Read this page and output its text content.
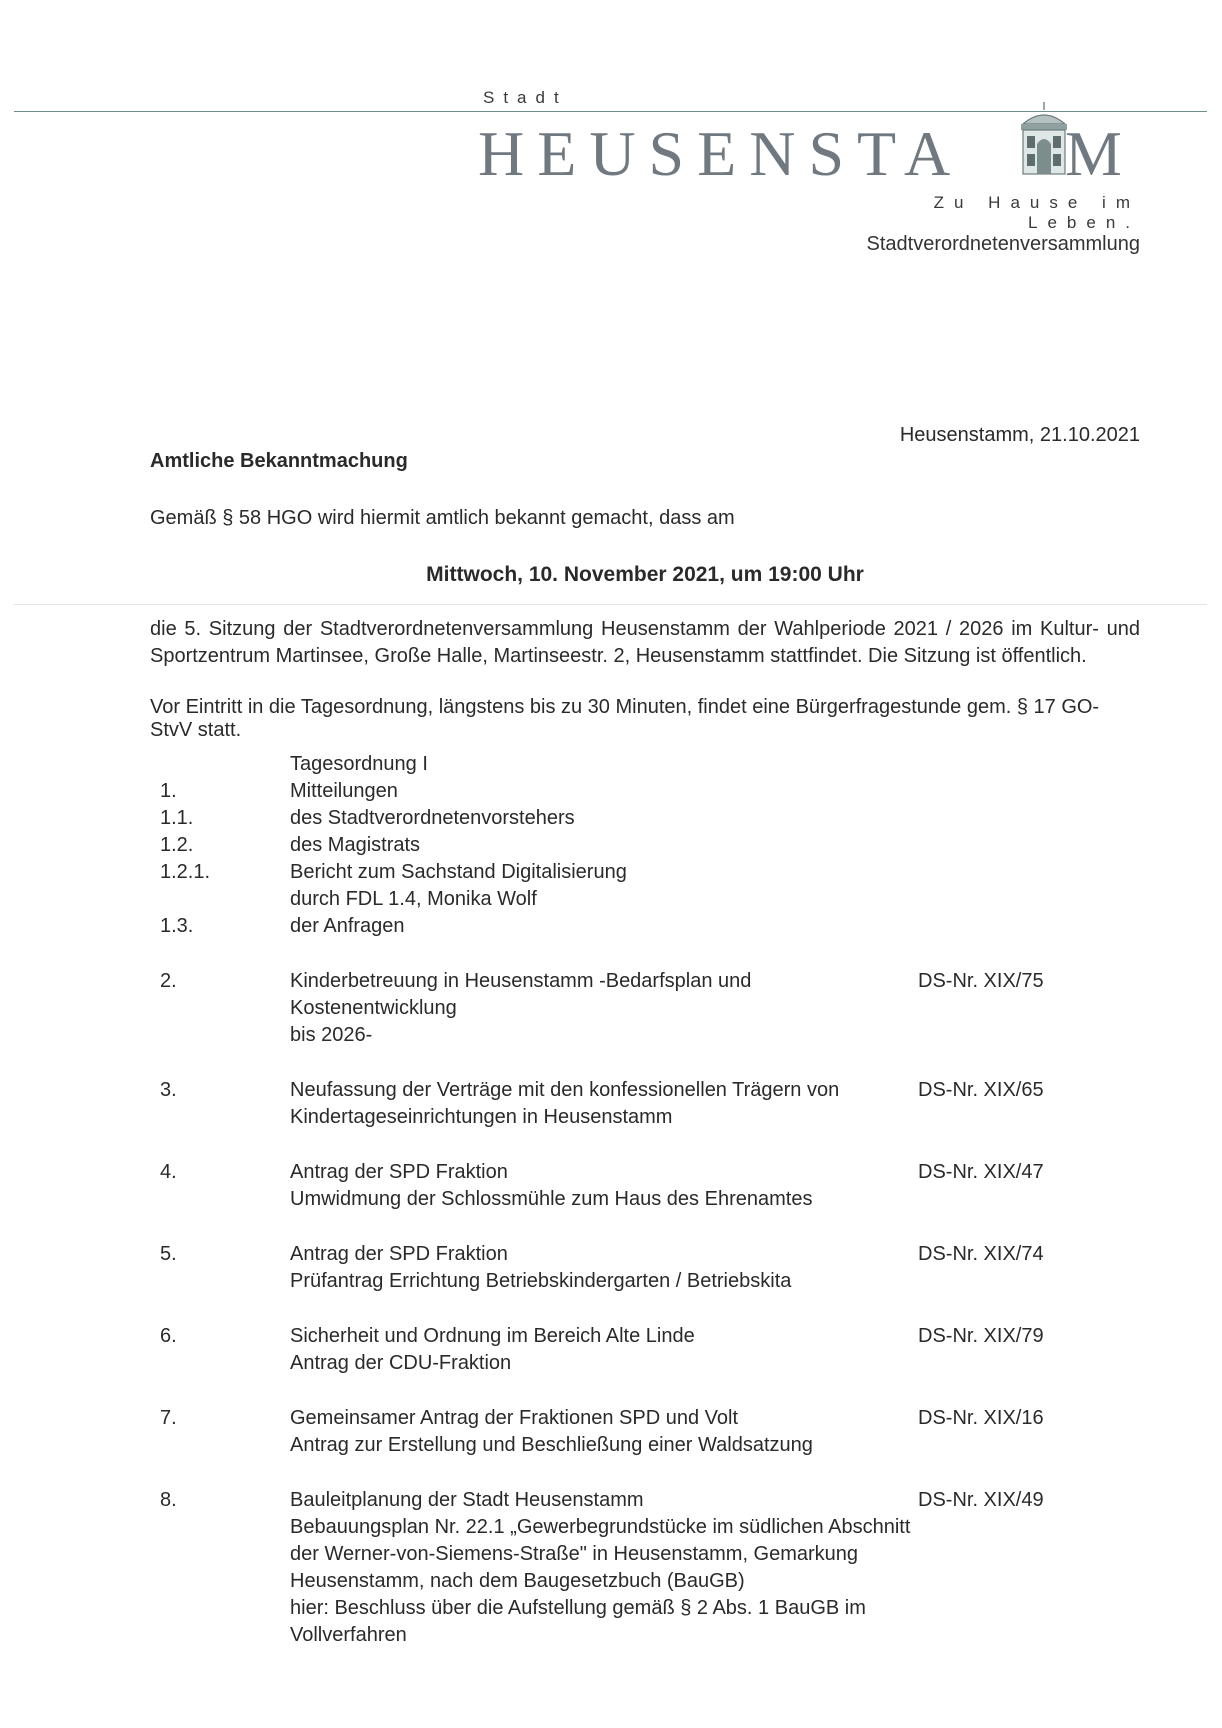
Stadt
HEUSENSTA M
Zu Hause im Leben.
Stadtverordnetenversammlung
Heusenstamm, 21.10.2021
Amtliche Bekanntmachung
Gemäß § 58 HGO wird hiermit amtlich bekannt gemacht, dass am
Mittwoch, 10. November 2021, um 19:00 Uhr
die 5. Sitzung der Stadtverordnetenversammlung Heusenstamm der Wahlperiode 2021 / 2026 im Kultur- und Sportzentrum Martinsee, Große Halle, Martinseestr. 2, Heusenstamm stattfindet. Die Sitzung ist öffentlich.
Vor Eintritt in die Tagesordnung, längstens bis zu 30 Minuten, findet eine Bürgerfragestunde gem. § 17 GO-StvV statt.
Tagesordnung I
1.	Mitteilungen
1.1.	des Stadtverordnetenvorstehers
1.2.	des Magistrats
1.2.1.	Bericht zum Sachstand Digitalisierung
durch FDL 1.4, Monika Wolf
1.3.	der Anfragen
2.	Kinderbetreuung in Heusenstamm -Bedarfsplan und Kostenentwicklung
bis 2026-
DS-Nr. XIX/75
3.	Neufassung der Verträge mit den konfessionellen Trägern von
Kindertageseinrichtungen in Heusenstamm
DS-Nr. XIX/65
4.	Antrag der SPD Fraktion
Umwidmung der Schlossmühle zum Haus des Ehrenamtes
DS-Nr. XIX/47
5.	Antrag der SPD Fraktion
Prüfantrag Errichtung Betriebskindergarten / Betriebskita
DS-Nr. XIX/74
6.	Sicherheit und Ordnung im Bereich Alte Linde
Antrag der CDU-Fraktion
DS-Nr. XIX/79
7.	Gemeinsamer Antrag der Fraktionen SPD und Volt
Antrag zur Erstellung und Beschließung einer Waldsatzung
DS-Nr. XIX/16
8.	Bauleitplanung der Stadt Heusenstamm
Bebauungsplan Nr. 22.1 „Gewerbegrundstücke im südlichen Abschnitt
der Werner-von-Siemens-Straße" in Heusenstamm, Gemarkung
Heusenstamm, nach dem Baugesetzbuch (BauGB)
hier: Beschluss über die Aufstellung gemäß § 2 Abs. 1 BauGB im
Vollverfahren
DS-Nr. XIX/49
